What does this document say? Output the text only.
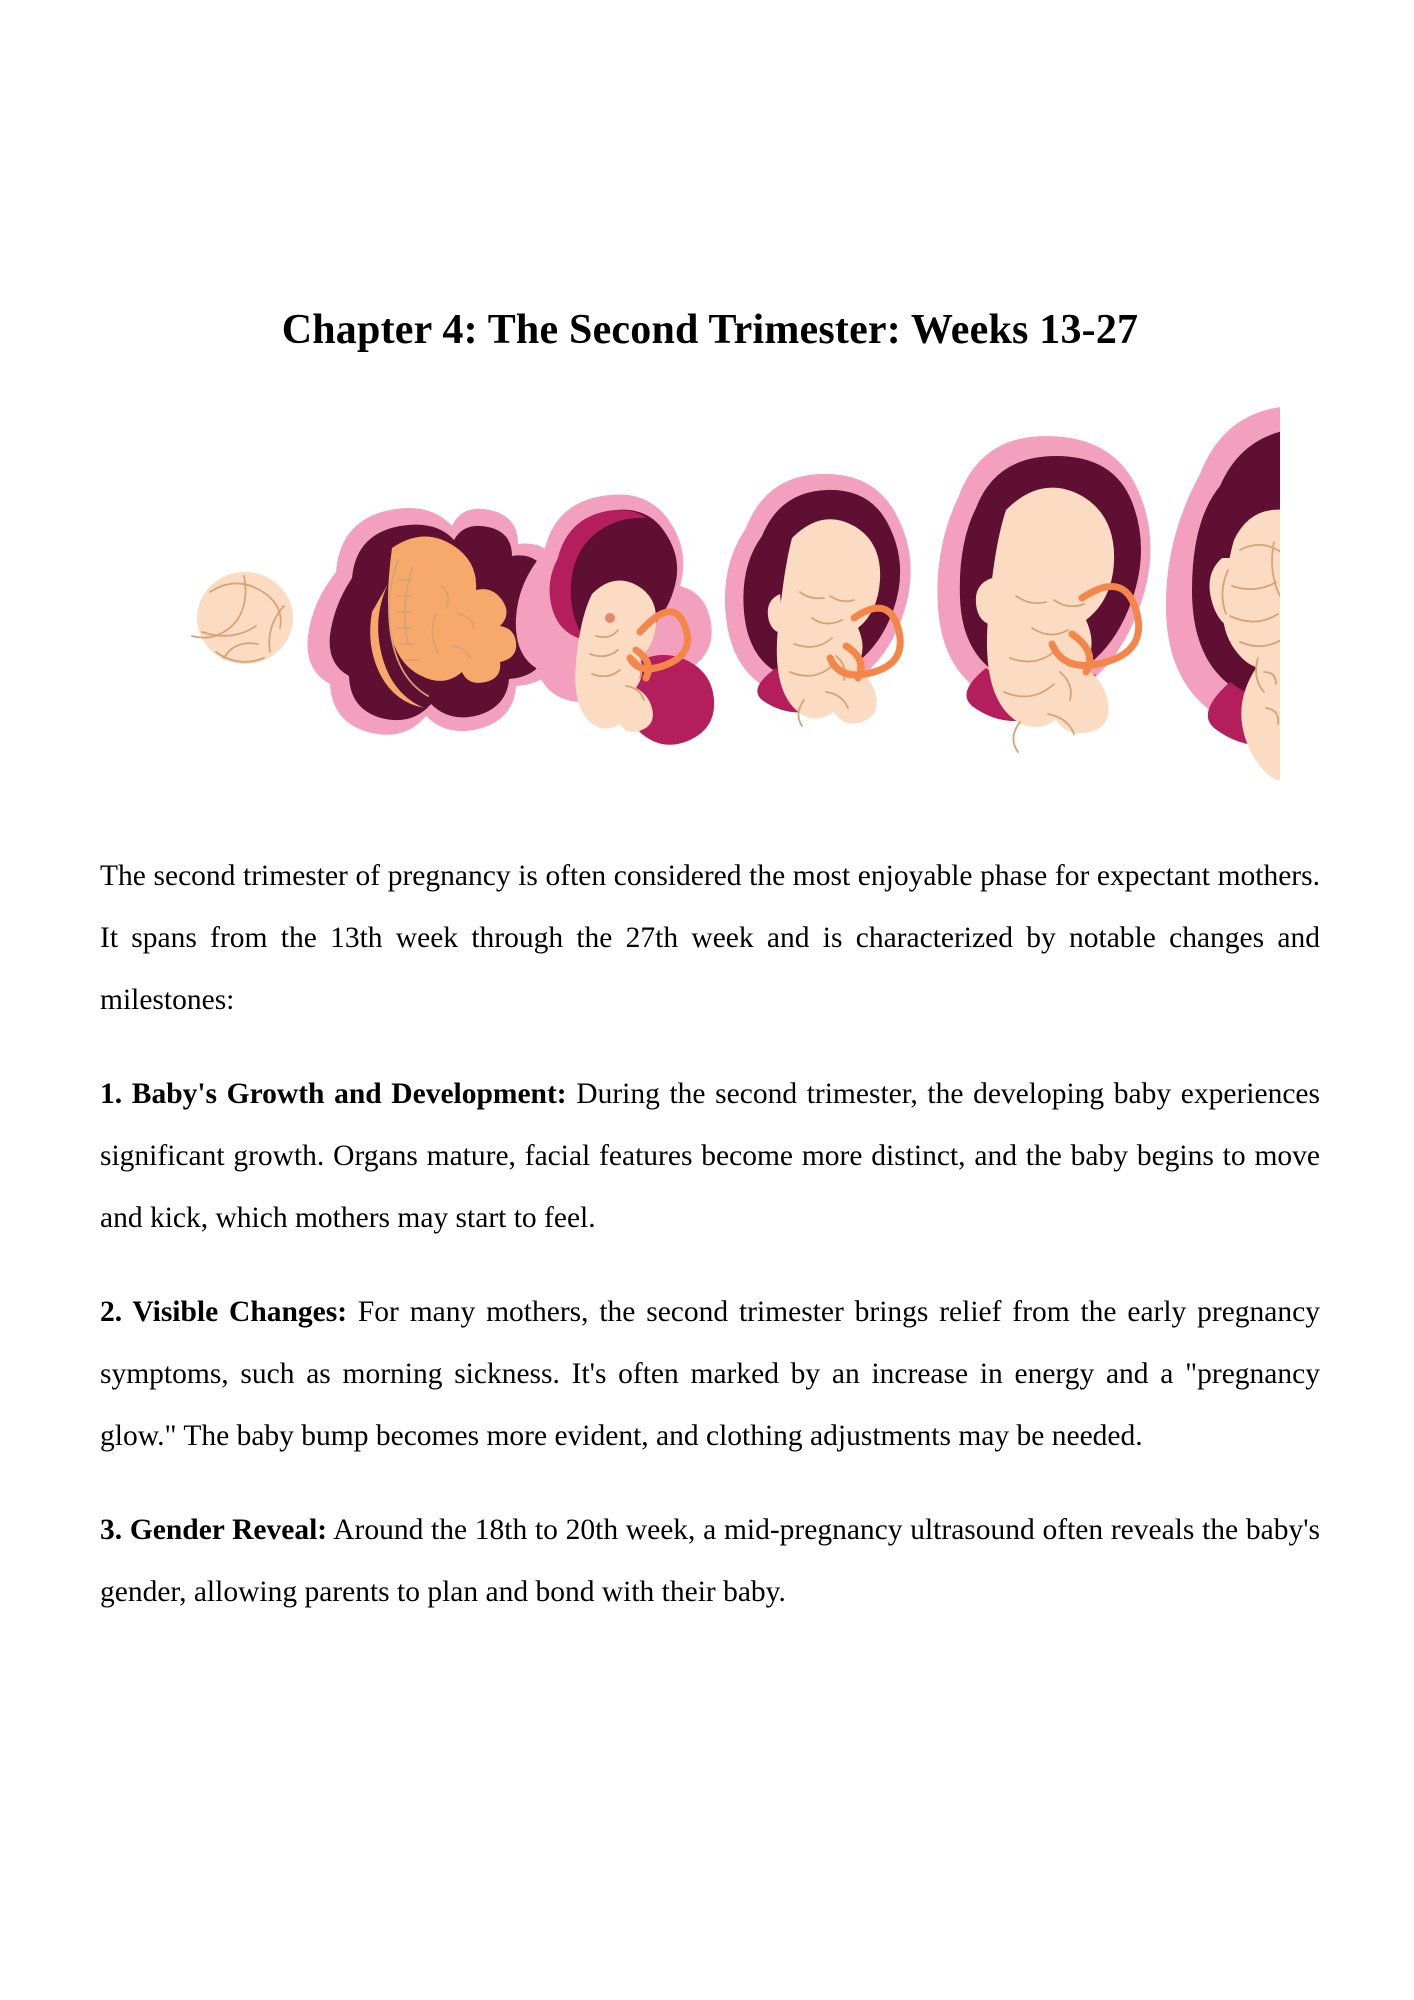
Chapter 4: The Second Trimester: Weeks 13-27

The second trimester of pregnancy is often considered the most enjoyable phase for expectant mothers. It spans from the 13th week through the 27th week and is characterized by notable changes and milestones:

1. Baby's Growth and Development: During the second trimester, the developing baby experiences significant growth. Organs mature, facial features become more distinct, and the baby begins to move and kick, which mothers may start to feel.

2. Visible Changes: For many mothers, the second trimester brings relief from the early pregnancy symptoms, such as morning sickness. It's often marked by an increase in energy and a "pregnancy glow." The baby bump becomes more evident, and clothing adjustments may be needed.

3. Gender Reveal: Around the 18th to 20th week, a mid-pregnancy ultrasound often reveals the baby's gender, allowing parents to plan and bond with their baby.
